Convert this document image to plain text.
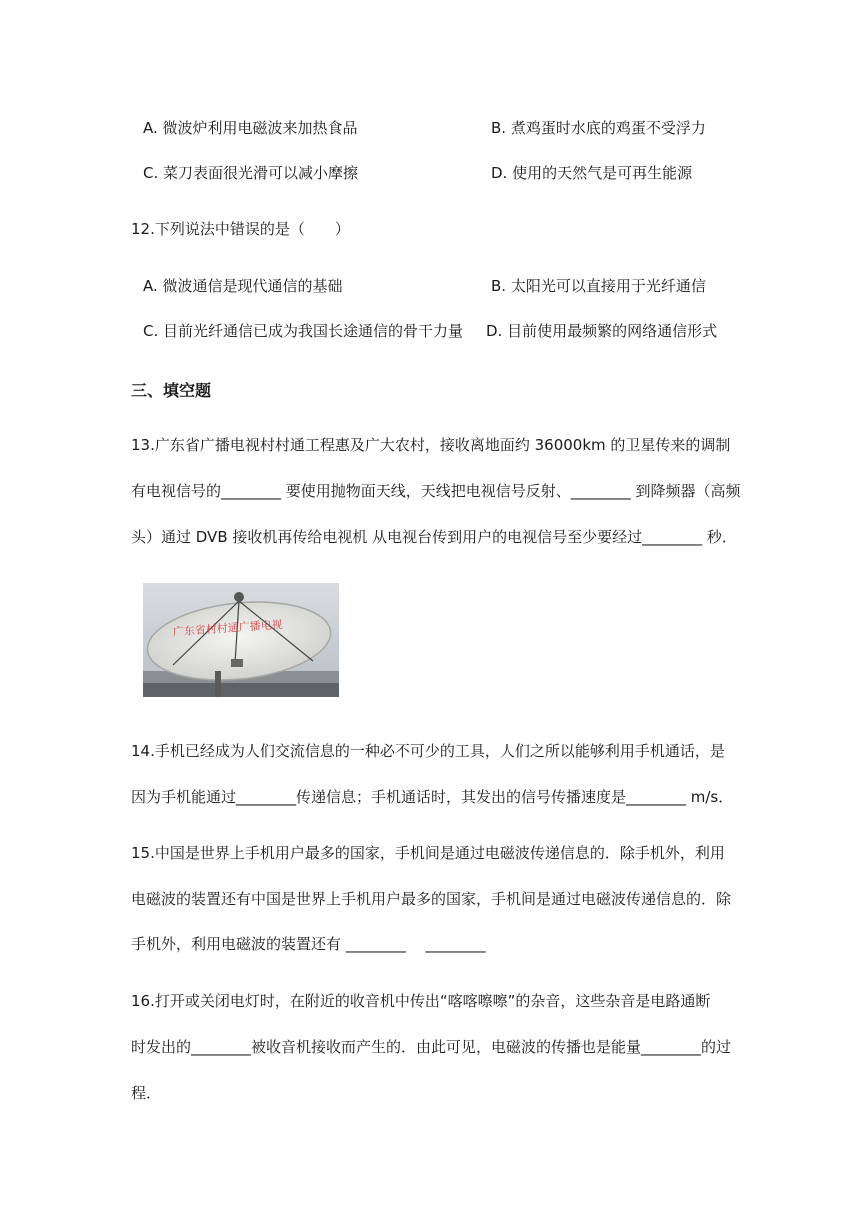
A. 微波炉利用电磁波来加热食品	B. 煮鸡蛋时水底的鸡蛋不受浮力
C. 菜刀表面很光滑可以减小摩擦	D. 使用的天然气是可再生能源
12.下列说法中错误的是（　　）
A. 微波通信是现代通信的基础	B. 太阳光可以直接用于光纤通信
C. 目前光纤通信已成为我国长途通信的骨干力量 D. 目前使用最频繁的网络通信形式
三、填空题
13.广东省广播电视村村通工程惠及广大农村，接收离地面约 36000km 的卫星传来的调制
有电视信号的________ 要使用抛物面天线，天线把电视信号反射、________ 到降频器（高频
头）通过 DVB 接收机再传给电视机 从电视台传到用户的电视信号至少要经过________ 秒．
广东省村村通广播电视
14.手机已经成为人们交流信息的一种必不可少的工具，人们之所以能够利用手机通话，是
因为手机能通过________传递信息；手机通话时，其发出的信号传播速度是________ m/s．
15.中国是世界上手机用户最多的国家，手机间是通过电磁波传递信息的．除手机外，利用
电磁波的装置还有中国是世界上手机用户最多的国家，手机间是通过电磁波传递信息的．除
手机外，利用电磁波的装置还有 ________　 ________
16.打开或关闭电灯时，在附近的收音机中传出“喀喀嚓嚓”的杂音，这些杂音是电路通断
时发出的________被收音机接收而产生的．由此可见，电磁波的传播也是能量________的过
程．
